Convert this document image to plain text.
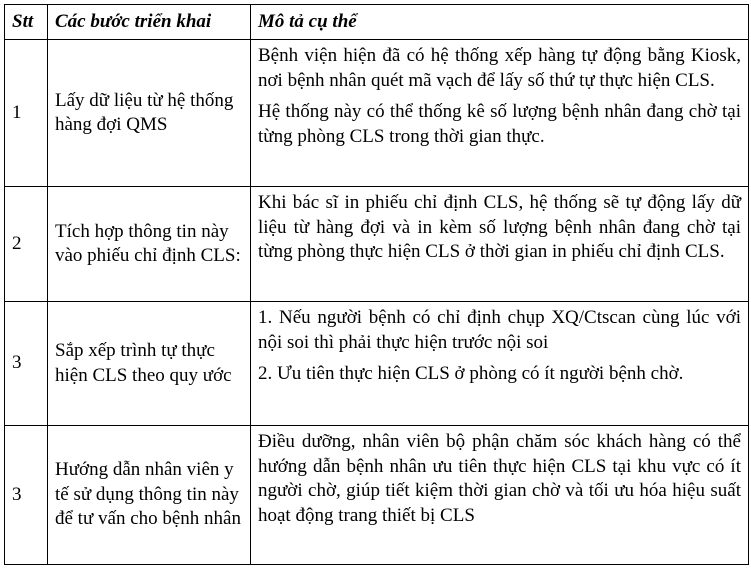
Stt	Các bước triển khai	Mô tả cụ thể
1	Lấy dữ liệu từ hệ thống hàng đợi QMS	Bệnh viện hiện đã có hệ thống xếp hàng tự động bằng Kiosk, nơi bệnh nhân quét mã vạch để lấy số thứ tự thực hiện CLS.

Hệ thống này có thể thống kê số lượng bệnh nhân đang chờ tại từng phòng CLS trong thời gian thực.

2	Tích hợp thông tin này vào phiếu chỉ định CLS:	Khi bác sĩ in phiếu chỉ định CLS, hệ thống sẽ tự động lấy dữ liệu từ hàng đợi và in kèm số lượng bệnh nhân đang chờ tại từng phòng thực hiện CLS ở thời gian in phiếu chỉ định CLS.

3	Sắp xếp trình tự thực hiện CLS theo quy ước	1. Nếu người bệnh có chỉ định chụp XQ/Ctscan cùng lúc với nội soi thì phải thực hiện trước nội soi

2. Ưu tiên thực hiện CLS ở phòng có ít người bệnh chờ.

3	Hướng dẫn nhân viên y tế sử dụng thông tin này để tư vấn cho bệnh nhân	Điều dưỡng, nhân viên bộ phận chăm sóc khách hàng có thể hướng dẫn bệnh nhân ưu tiên thực hiện CLS tại khu vực có ít người chờ, giúp tiết kiệm thời gian chờ và tối ưu hóa hiệu suất hoạt động trang thiết bị CLS
